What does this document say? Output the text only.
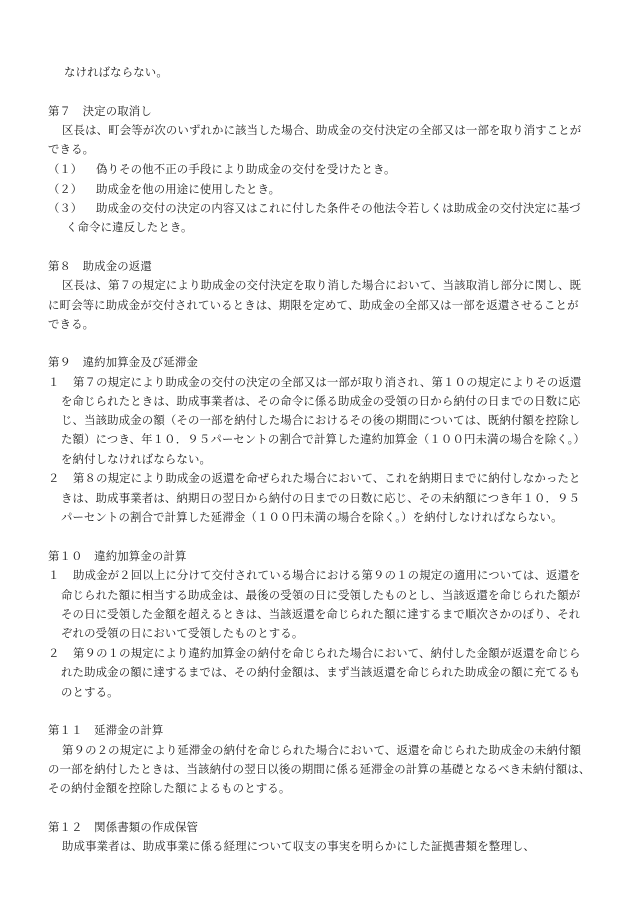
なければならない。
第７　決定の取消し
区長は、町会等が次のいずれかに該当した場合、助成金の交付決定の全部又は一部を取り消すことが
できる。
（１） 偽りその他不正の手段により助成金の交付を受けたとき。
（２） 助成金を他の用途に使用したとき。
（３） 助成金の交付の決定の内容又はこれに付した条件その他法令若しくは助成金の交付決定に基づ
く命令に違反したとき。
第８　助成金の返還
区長は、第７の規定により助成金の交付決定を取り消した場合において、当該取消し部分に関し、既
に町会等に助成金が交付されているときは、期限を定めて、助成金の全部又は一部を返還させることが
できる。
第９　違約加算金及び延滞金
１ 第７の規定により助成金の交付の決定の全部又は一部が取り消され、第１０の規定によりその返還
を命じられたときは、助成事業者は、その命令に係る助成金の受領の日から納付の日までの日数に応
じ、当該助成金の額（その一部を納付した場合におけるその後の期間については、既納付額を控除し
た額）につき、年１０．９５パーセントの割合で計算した違約加算金（１００円未満の場合を除く。）
を納付しなければならない。
２ 第８の規定により助成金の返還を命ぜられた場合において、これを納期日までに納付しなかったと
きは、助成事業者は、納期日の翌日から納付の日までの日数に応じ、その未納額につき年１０．９５
パーセントの割合で計算した延滞金（１００円未満の場合を除く。）を納付しなければならない。
第１０　違約加算金の計算
１ 助成金が２回以上に分けて交付されている場合における第９の１の規定の適用については、返還を
命じられた額に相当する助成金は、最後の受領の日に受領したものとし、当該返還を命じられた額が
その日に受領した金額を超えるときは、当該返還を命じられた額に達するまで順次さかのぼり、それ
ぞれの受領の日において受領したものとする。
２ 第９の１の規定により違約加算金の納付を命じられた場合において、納付した金額が返還を命じら
れた助成金の額に達するまでは、その納付金額は、まず当該返還を命じられた助成金の額に充てるも
のとする。
第１１　延滞金の計算
第９の２の規定により延滞金の納付を命じられた場合において、返還を命じられた助成金の未納付額
の一部を納付したときは、当該納付の翌日以後の期間に係る延滞金の計算の基礎となるべき未納付額は、
その納付金額を控除した額によるものとする。
第１２　関係書類の作成保管
助成事業者は、助成事業に係る経理について収支の事実を明らかにした証拠書類を整理し、
